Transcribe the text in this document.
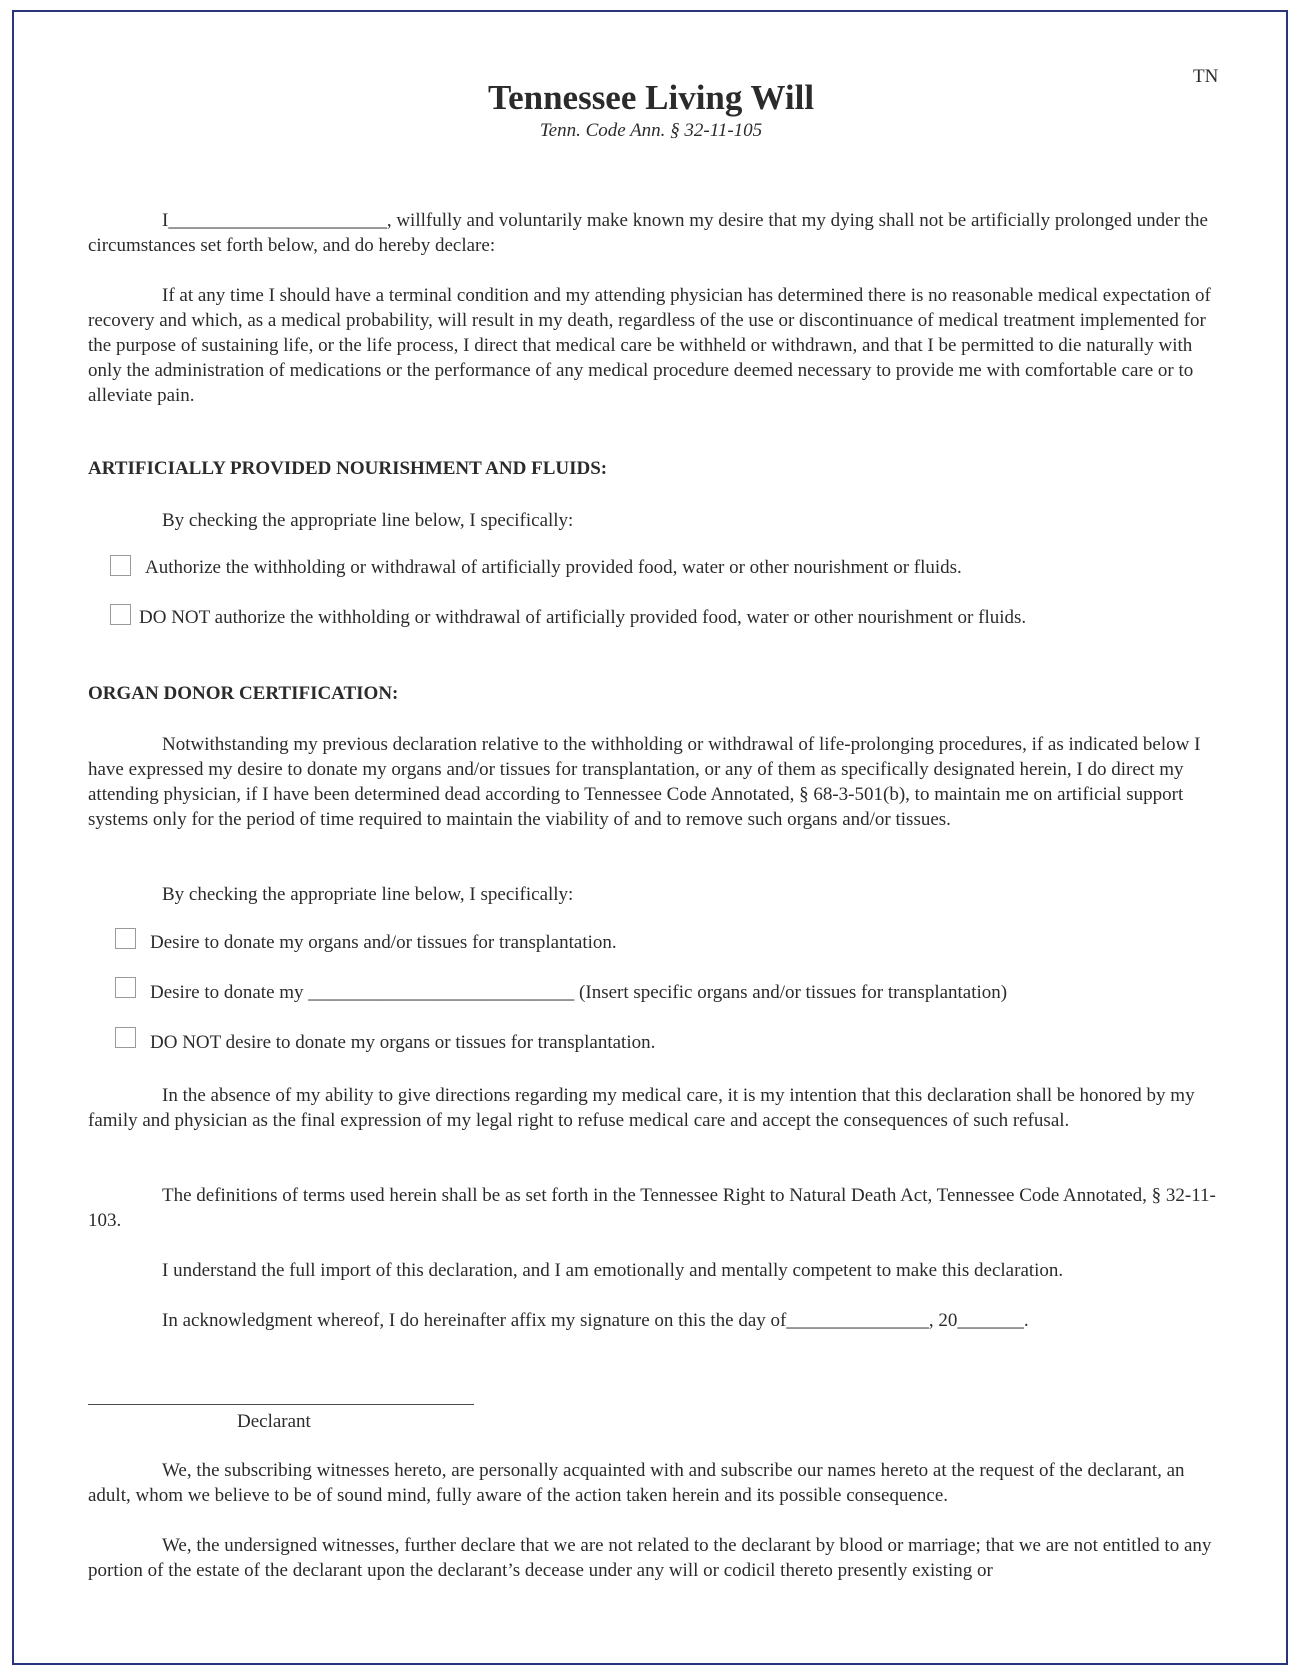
TN
Tennessee Living Will
Tenn. Code Ann. § 32-11-105
I_______________________, willfully and voluntarily make known my desire that my dying shall not be artificially prolonged under the circumstances set forth below, and do hereby declare:
If at any time I should have a terminal condition and my attending physician has determined there is no reasonable medical expectation of recovery and which, as a medical probability, will result in my death, regardless of the use or discontinuance of medical treatment implemented for the purpose of sustaining life, or the life process, I direct that medical care be withheld or withdrawn, and that I be permitted to die naturally with only the administration of medications or the performance of any medical procedure deemed necessary to provide me with comfortable care or to alleviate pain.
ARTIFICIALLY PROVIDED NOURISHMENT AND FLUIDS:
By checking the appropriate line below, I specifically:
Authorize the withholding or withdrawal of artificially provided food, water or other nourishment or fluids.
DO NOT authorize the withholding or withdrawal of artificially provided food, water or other nourishment or fluids.
ORGAN DONOR CERTIFICATION:
Notwithstanding my previous declaration relative to the withholding or withdrawal of life-prolonging procedures, if as indicated below I have expressed my desire to donate my organs and/or tissues for transplantation, or any of them as specifically designated herein, I do direct my attending physician, if I have been determined dead according to Tennessee Code Annotated, § 68-3-501(b), to maintain me on artificial support systems only for the period of time required to maintain the viability of and to remove such organs and/or tissues.
By checking the appropriate line below, I specifically:
Desire to donate my organs and/or tissues for transplantation.
Desire to donate my ____________________________ (Insert specific organs and/or tissues for transplantation)
DO NOT desire to donate my organs or tissues for transplantation.
In the absence of my ability to give directions regarding my medical care, it is my intention that this declaration shall be honored by my family and physician as the final expression of my legal right to refuse medical care and accept the consequences of such refusal.
The definitions of terms used herein shall be as set forth in the Tennessee Right to Natural Death Act, Tennessee Code Annotated, § 32-11-103.
I understand the full import of this declaration, and I am emotionally and mentally competent to make this declaration.
In acknowledgment whereof, I do hereinafter affix my signature on this the day of_______________, 20_______.
Declarant
We, the subscribing witnesses hereto, are personally acquainted with and subscribe our names hereto at the request of the declarant, an adult, whom we believe to be of sound mind, fully aware of the action taken herein and its possible consequence.
We, the undersigned witnesses, further declare that we are not related to the declarant by blood or marriage; that we are not entitled to any portion of the estate of the declarant upon the declarant’s decease under any will or codicil thereto presently existing or
